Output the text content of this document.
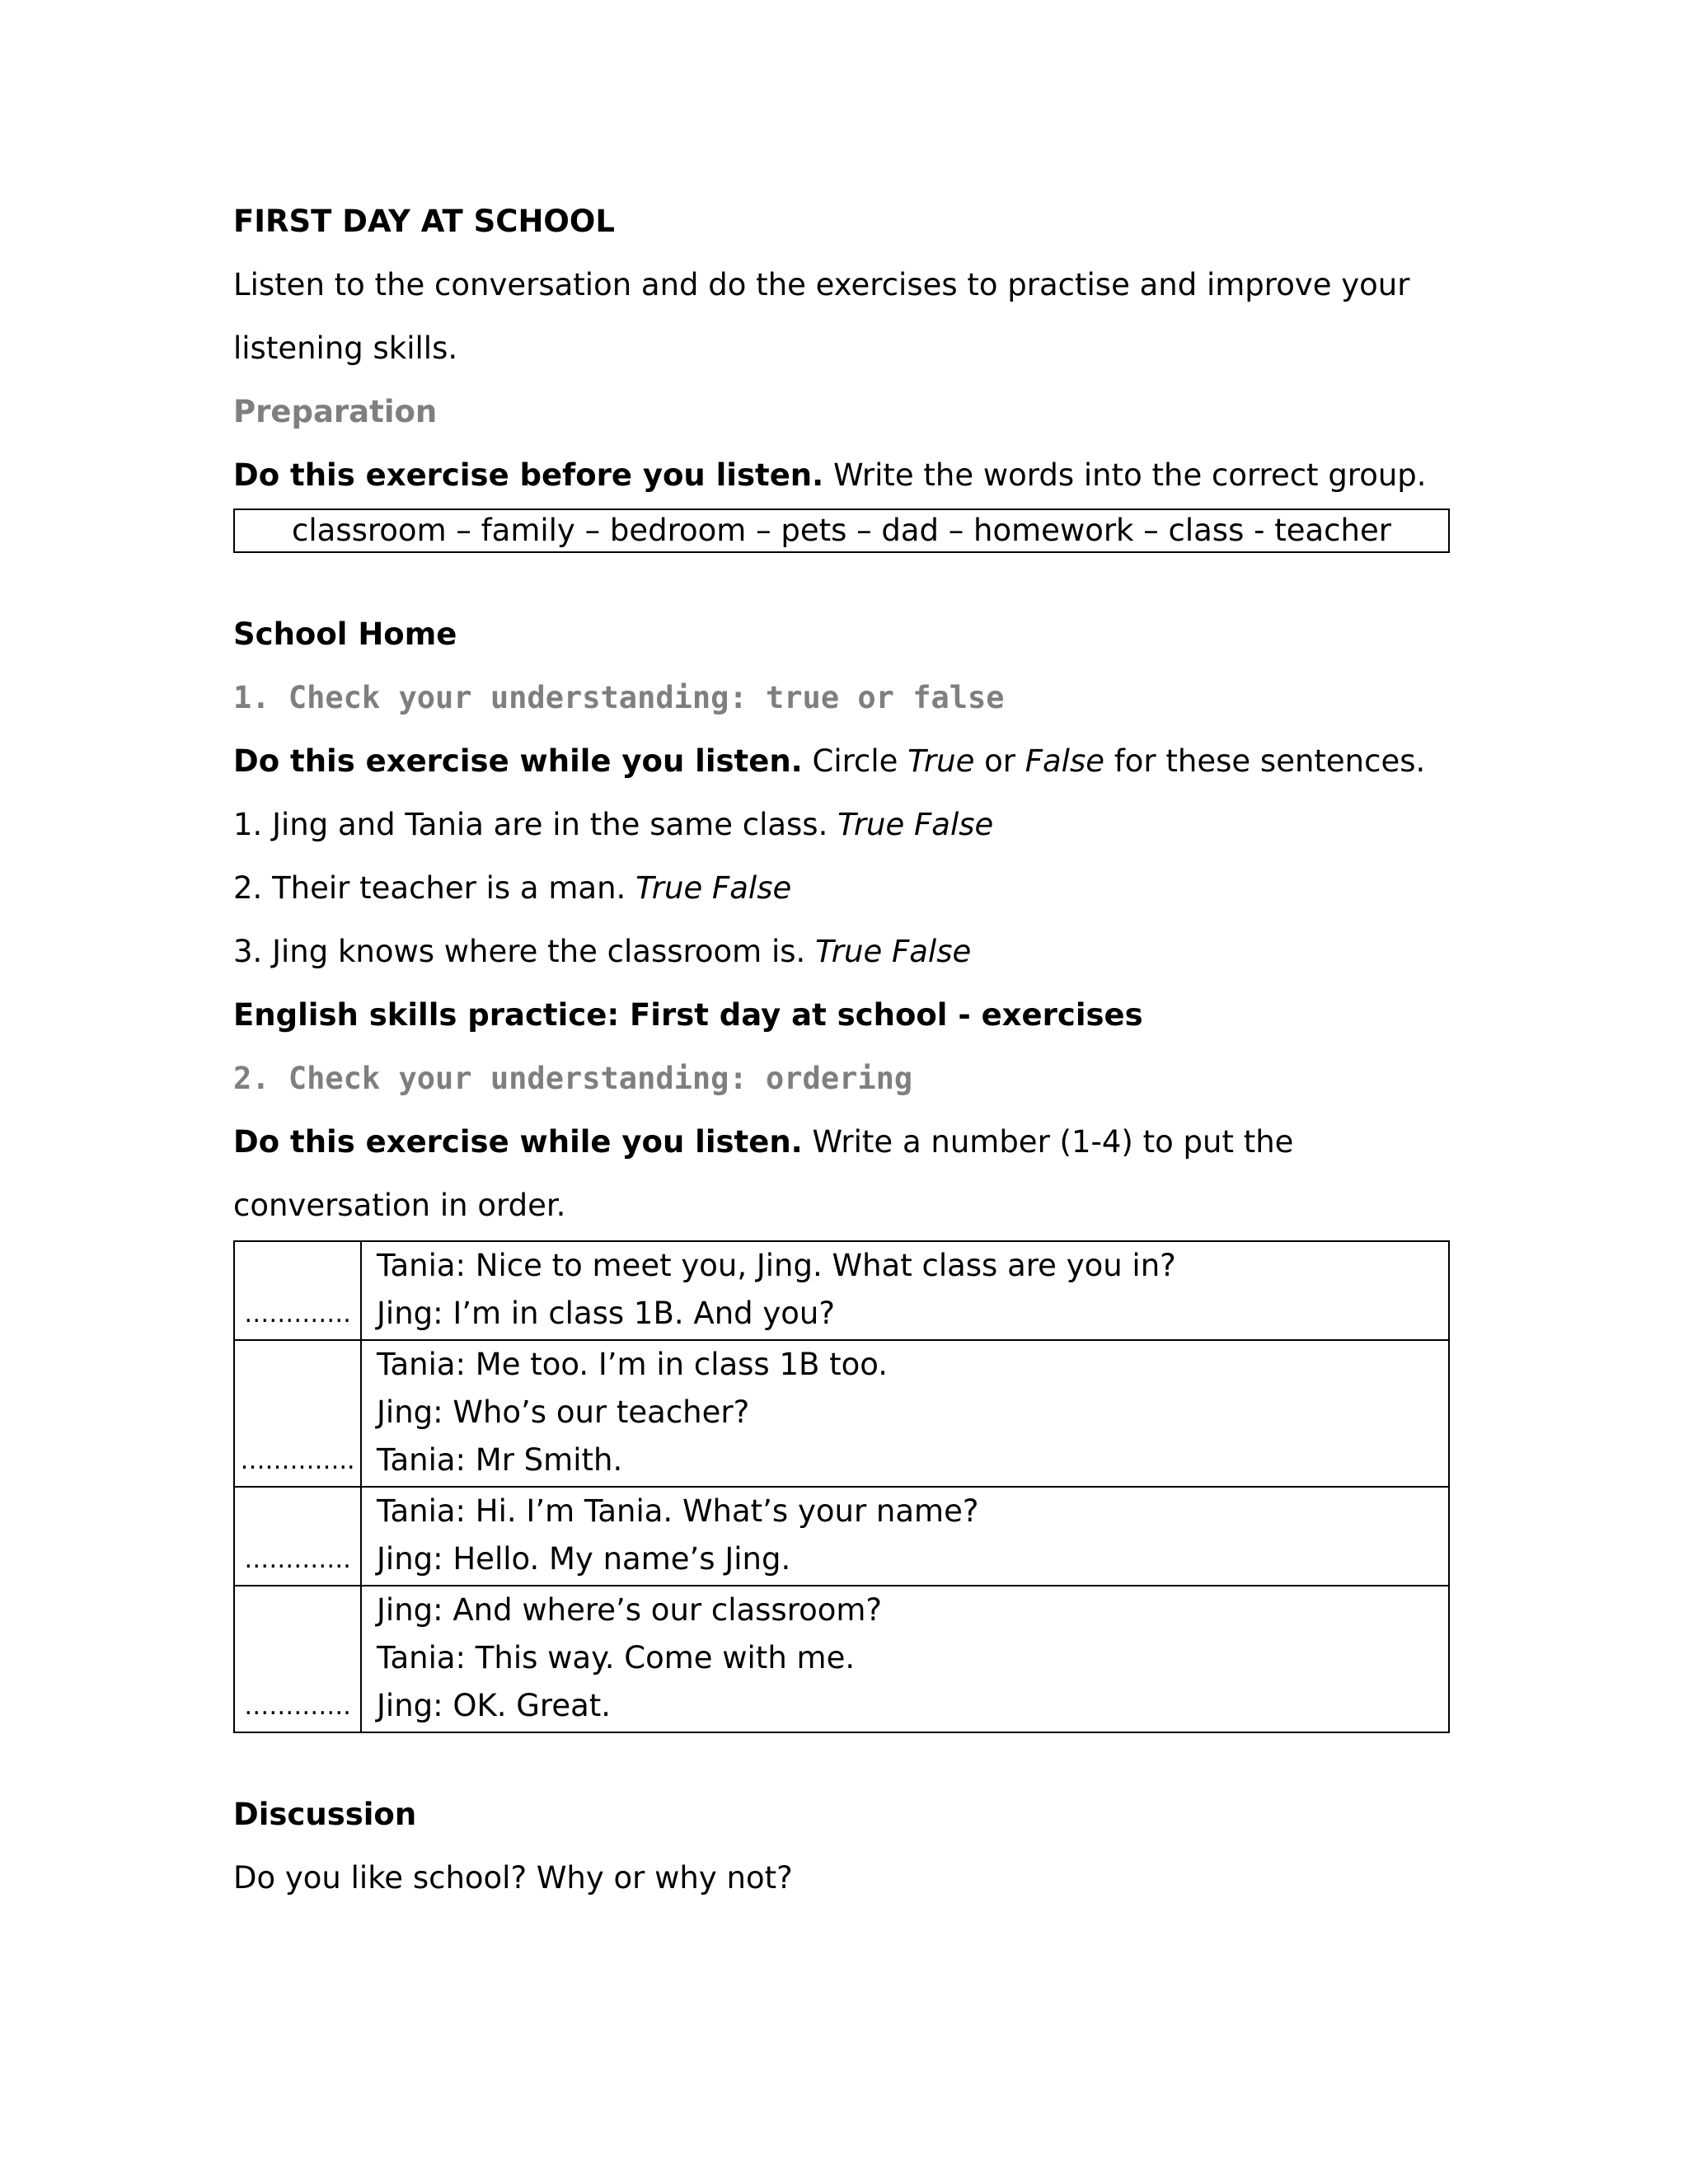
FIRST DAY AT SCHOOL

Listen to the conversation and do the exercises to practise and improve your listening skills.

Preparation

Do this exercise before you listen. Write the words into the correct group.

classroom – family – bedroom – pets – dad – homework – class - teacher

School Home

1. Check your understanding: true or false

Do this exercise while you listen. Circle True or False for these sentences.

1. Jing and Tania are in the same class. True False

2. Their teacher is a man. True False

3. Jing knows where the classroom is. True False

English skills practice: First day at school - exercises

2. Check your understanding: ordering

Do this exercise while you listen. Write a number (1-4) to put the conversation in order.

………….	Tania: Nice to meet you, Jing. What class are you in?
Jing: I’m in class 1B. And you?

…………..	Tania: Me too. I’m in class 1B too.
Jing: Who’s our teacher?
Tania: Mr Smith.

………….	Tania: Hi. I’m Tania. What’s your name?
Jing: Hello. My name’s Jing.

………….	Jing: And where’s our classroom?
Tania: This way. Come with me.
Jing: OK. Great.

Discussion

Do you like school? Why or why not?
